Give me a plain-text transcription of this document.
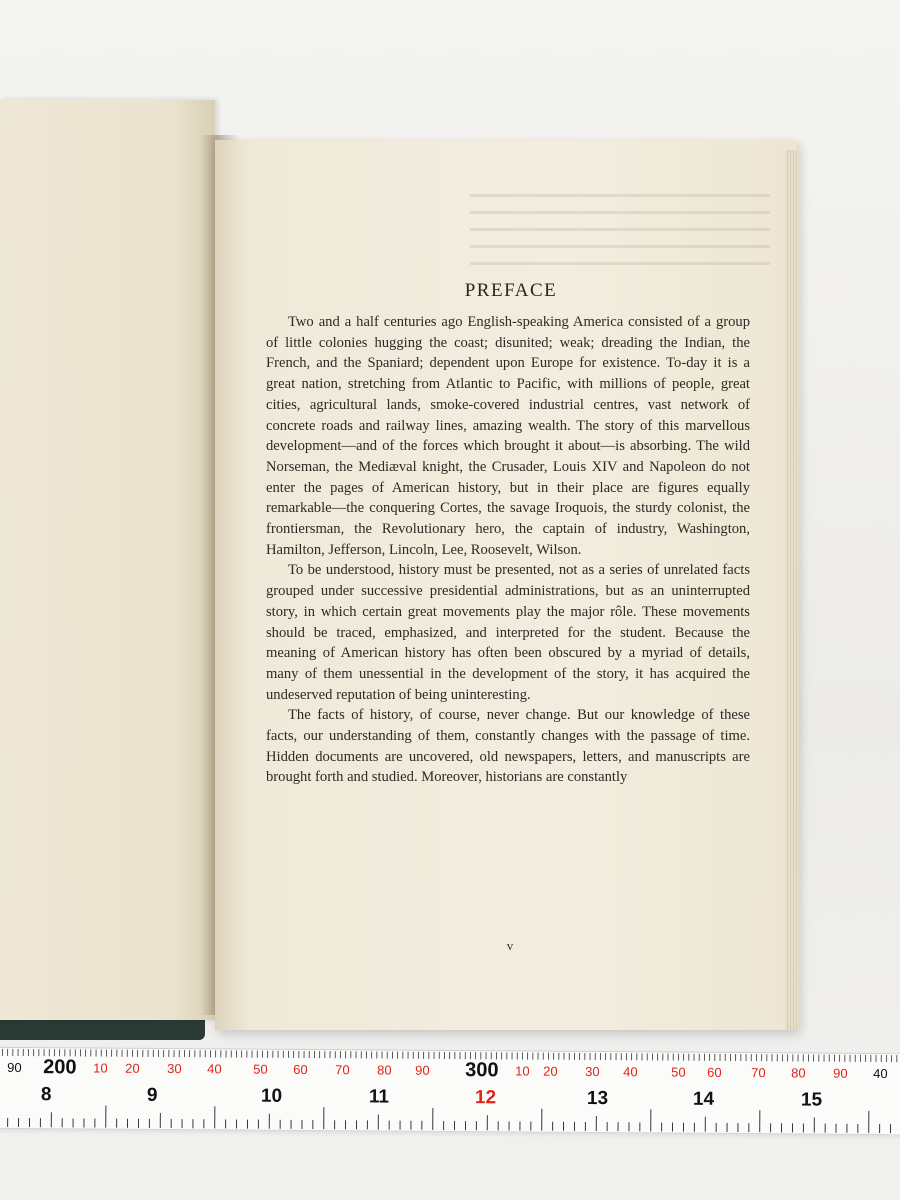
PREFACE

Two and a half centuries ago English-speaking America consisted of a group of little colonies hugging the coast; disunited; weak; dreading the Indian, the French, and the Spaniard; dependent upon Europe for existence. To-day it is a great nation, stretching from Atlantic to Pacific, with millions of people, great cities, agricultural lands, smoke-covered industrial centres, vast network of concrete roads and railway lines, amazing wealth. The story of this marvellous development—and of the forces which brought it about—is absorbing. The wild Norseman, the Mediæval knight, the Crusader, Louis XIV and Napoleon do not enter the pages of American history, but in their place are figures equally remarkable—the conquering Cortes, the savage Iroquois, the sturdy colonist, the frontiersman, the Revolutionary hero, the captain of industry, Washington, Hamilton, Jefferson, Lincoln, Lee, Roosevelt, Wilson.

To be understood, history must be presented, not as a series of unrelated facts grouped under successive presidential administrations, but as an uninterrupted story, in which certain great movements play the major rôle. These movements should be traced, emphasized, and interpreted for the student. Because the meaning of American history has often been obscured by a myriad of details, many of them unessential in the development of the story, it has acquired the undeserved reputation of being uninteresting.

The facts of history, of course, never change. But our knowledge of these facts, our understanding of them, constantly changes with the passage of time. Hidden documents are uncovered, old newspapers, letters, and manuscripts are brought forth and studied. Moreover, historians are constantly

v
90 200 10 20 30 40 50 60 70 80 90 300 10 20 30 40	50 60 70 80 90 40
8	9	10	11	12	13	14	15
